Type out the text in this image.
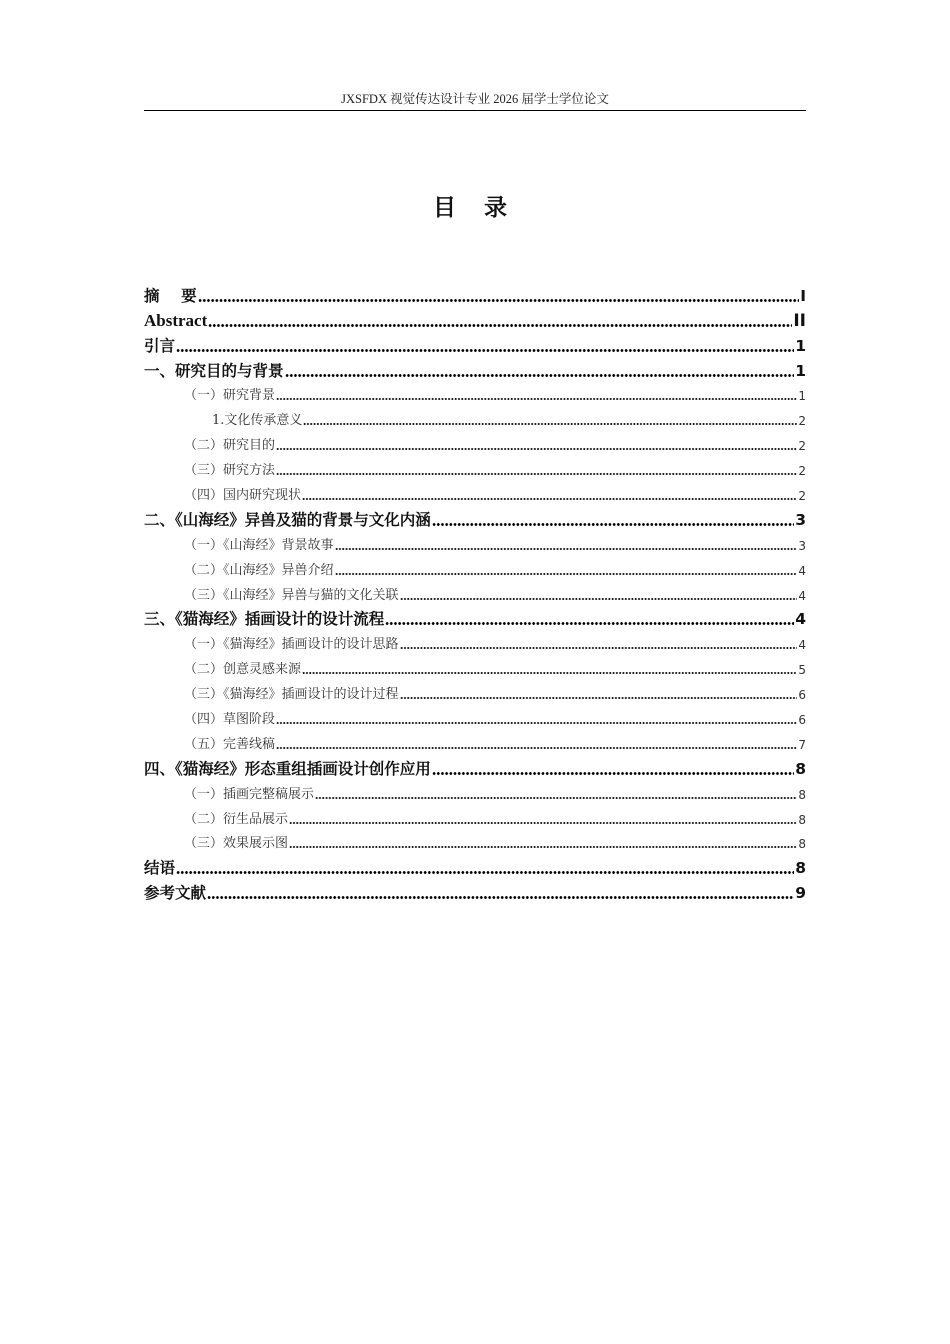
JXSFDX 视觉传达设计专业 2026 届学士学位论文
目 录
摘    要	I
Abstract	II
引言	1
一、研究目的与背景	1
（一）研究背景	1
1.文化传承意义	2
（二）研究目的	2
（三）研究方法	2
（四）国内研究现状	2
二、《山海经》异兽及猫的背景与文化内涵	3
（一）《山海经》背景故事	3
（二）《山海经》异兽介绍	4
（三）《山海经》异兽与猫的文化关联	4
三、《猫海经》插画设计的设计流程	4
（一）《猫海经》插画设计的设计思路	4
（二）创意灵感来源	5
（三）《猫海经》插画设计的设计过程	6
（四）草图阶段	6
（五）完善线稿	7
四、《猫海经》形态重组插画设计创作应用	8
（一）插画完整稿展示	8
（二）衍生品展示	8
（三）效果展示图	8
结语	8
参考文献	9
